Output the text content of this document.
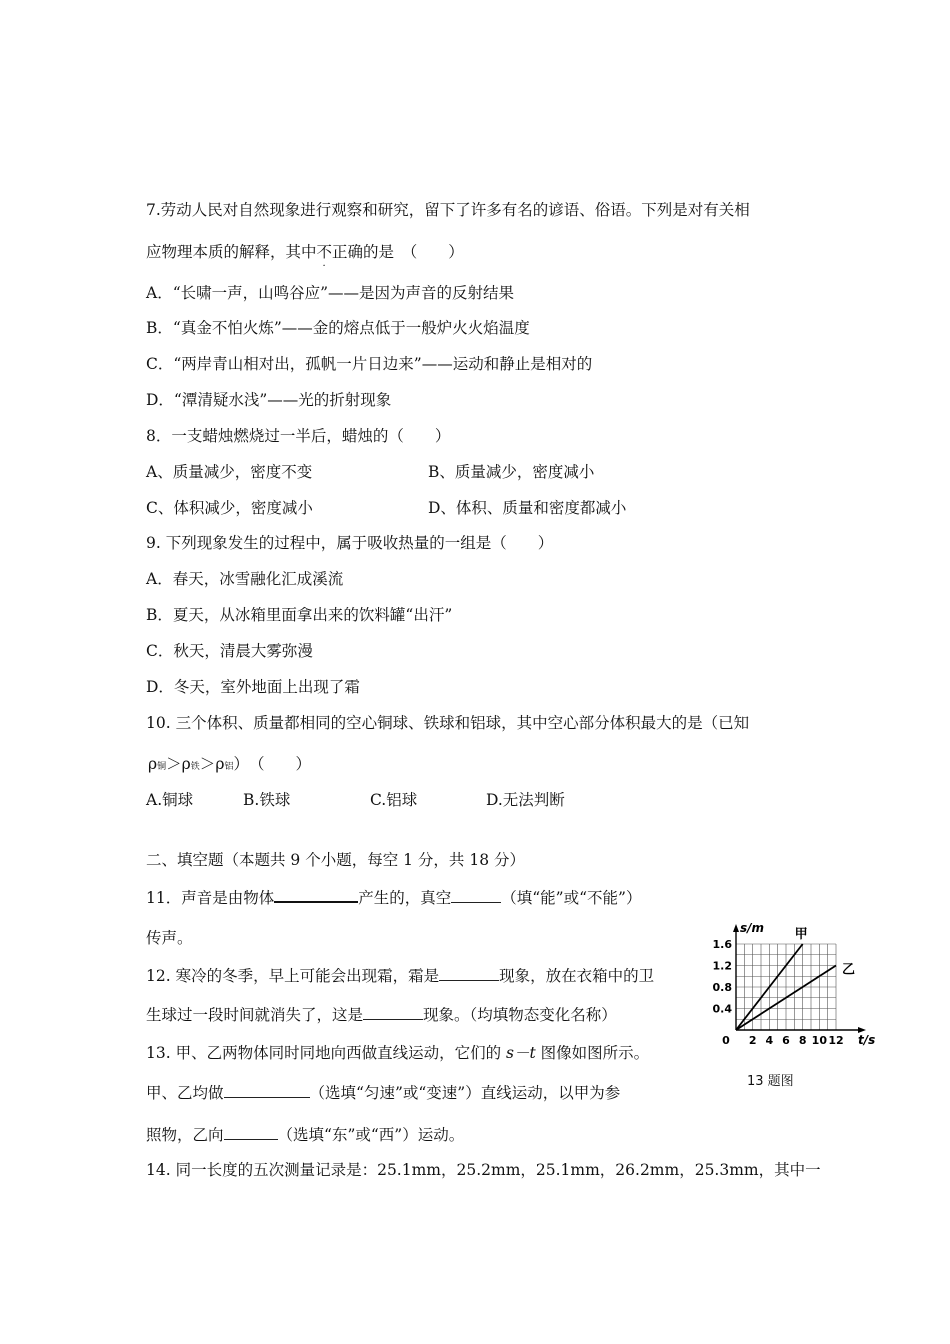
7.劳动人民对自然现象进行观察和研究，留下了许多有名的谚语、俗语。下列是对有关相
应物理本质的解释，其中不
·
正确的是　（　　）
A．“长啸一声，山鸣谷应”——是因为声音的反射结果
B．“真金不怕火炼”——金的熔点低于一般炉火火焰温度
C．“两岸青山相对出，孤帆一片日边来”——运动和静止是相对的
D．“潭清疑水浅”——光的折射现象
8．一支蜡烛燃烧过一半后，蜡烛的（　　）
A、质量减少，密度不变	B、质量减少，密度减小
C、体积减少，密度减小	D、体积、质量和密度都减小
9. 下列现象发生的过程中，属于吸收热量的一组是（　　）
A．春天，冰雪融化汇成溪流
B．夏天，从冰箱里面拿出来的饮料罐“出汗”
C．秋天，清晨大雾弥漫
D．冬天，室外地面上出现了霜
10. 三个体积、质量都相同的空心铜球、铁球和铝球，其中空心部分体积最大的是（已知
ρ铜＞ρ铁＞ρ铝）　（　　）
A.铜球	B.铁球	C.铝球	D.无法判断
二、填空题（本题共 9 个小题，每空 1 分，共 18 分）
11．声音是由物体	产生的，真空	（填“能”或“不能”）
传声。
12. 寒冷的冬季，早上可能会出现霜，霜是	现象，放在衣箱中的卫
生球过一段时间就消失了，这是	现象。（均填物态变化名称）
13. 甲、乙两物体同时同地向西做直线运动，它们的 s－t 图像如图所示。
甲、乙均做	（选填“匀速”或“变速”）直线运动，以甲为参
照物，乙向	（选填“东”或“西”）运动。
14. 同一长度的五次测量记录是：25.1mm，25.2mm，25.1mm，26.2mm，25.3mm，其中一
1.6
1.2
0.8
0.4
2 4 6 8 10 12
0
s/m
t/s
甲
乙
13 题图
